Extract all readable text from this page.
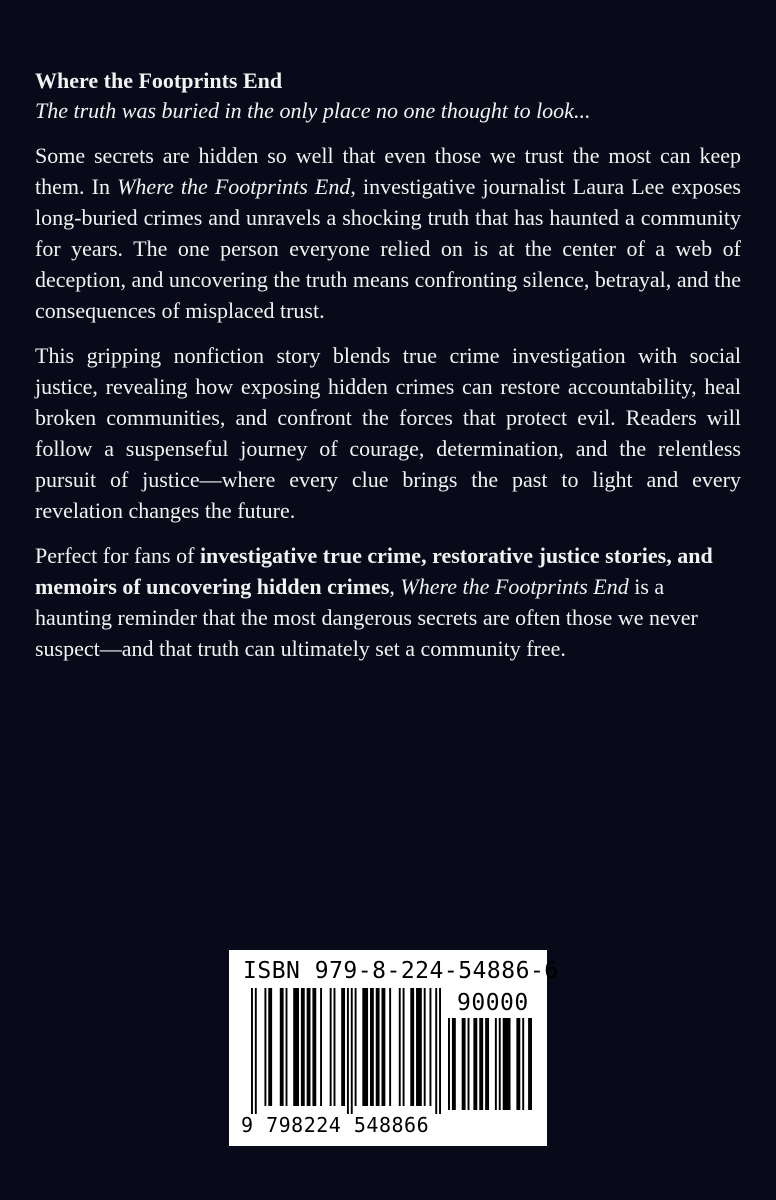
Where the Footprints End

The truth was buried in the only place no one thought to look...

Some secrets are hidden so well that even those we trust the most can keep them. In Where the Footprints End, investigative journalist Laura Lee exposes long-buried crimes and unravels a shocking truth that has haunted a community for years. The one person everyone relied on is at the center of a web of deception, and uncovering the truth means confronting silence, betrayal, and the consequences of misplaced trust.

This gripping nonfiction story blends true crime investigation with social justice, revealing how exposing hidden crimes can restore accountability, heal broken communities, and confront the forces that protect evil. Readers will follow a suspenseful journey of courage, determination, and the relentless pursuit of justice—where every clue brings the past to light and every revelation changes the future.

Perfect for fans of investigative true crime, restorative justice stories, and memoirs of uncovering hidden crimes, Where the Footprints End is a haunting reminder that the most dangerous secrets are often those we never suspect—and that truth can ultimately set a community free.

ISBN 979-8-224-54886-6
90000
9 798224 548866
